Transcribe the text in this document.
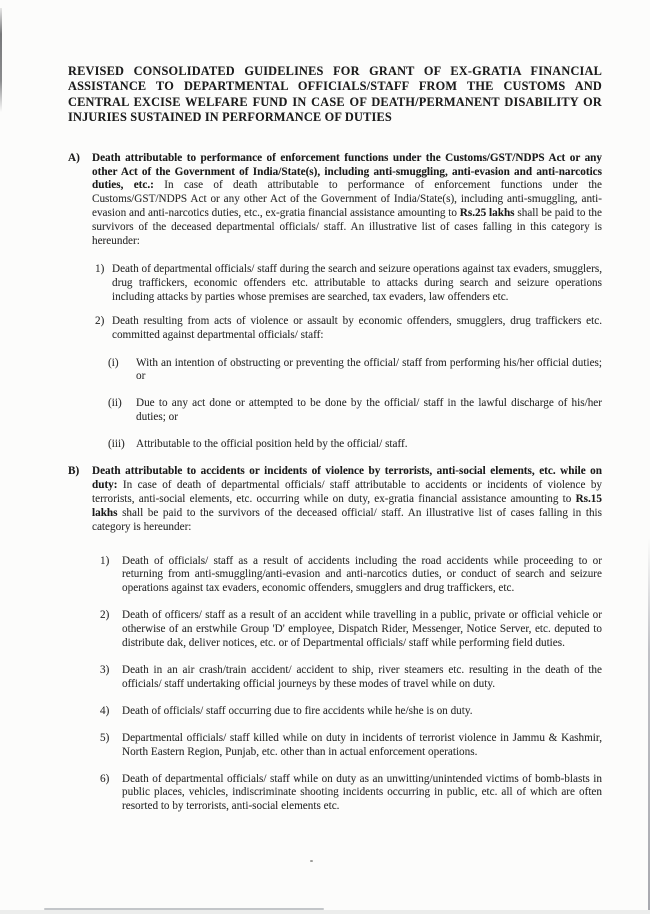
REVISED CONSOLIDATED GUIDELINES FOR GRANT OF EX-GRATIA FINANCIAL ASSISTANCE TO DEPARTMENTAL OFFICIALS/STAFF FROM THE CUSTOMS AND CENTRAL EXCISE WELFARE FUND IN CASE OF DEATH/PERMANENT DISABILITY OR INJURIES SUSTAINED IN PERFORMANCE OF DUTIES
A) Death attributable to performance of enforcement functions under the Customs/GST/NDPS Act or any other Act of the Government of India/State(s), including anti-smuggling, anti-evasion and anti-narcotics duties, etc.: In case of death attributable to performance of enforcement functions under the Customs/GST/NDPS Act or any other Act of the Government of India/State(s), including anti-smuggling, anti-evasion and anti-narcotics duties, etc., ex-gratia financial assistance amounting to Rs.25 lakhs shall be paid to the survivors of the deceased departmental officials/ staff. An illustrative list of cases falling in this category is hereunder:

1) Death of departmental officials/ staff during the search and seizure operations against tax evaders, smugglers, drug traffickers, economic offenders etc. attributable to attacks during search and seizure operations including attacks by parties whose premises are searched, tax evaders, law offenders etc.
2) Death resulting from acts of violence or assault by economic offenders, smugglers, drug traffickers etc. committed against departmental officials/ staff:
(i) With an intention of obstructing or preventing the official/ staff from performing his/her official duties; or
(ii) Due to any act done or attempted to be done by the official/ staff in the lawful discharge of his/her duties; or
(iii) Attributable to the official position held by the official/ staff.
B) Death attributable to accidents or incidents of violence by terrorists, anti-social elements, etc. while on duty: In case of death of departmental officials/ staff attributable to accidents or incidents of violence by terrorists, anti-social elements, etc. occurring while on duty, ex-gratia financial assistance amounting to Rs.15 lakhs shall be paid to the survivors of the deceased official/ staff. An illustrative list of cases falling in this category is hereunder:

1) Death of officials/ staff as a result of accidents including the road accidents while proceeding to or returning from anti-smuggling/anti-evasion and anti-narcotics duties, or conduct of search and seizure operations against tax evaders, economic offenders, smugglers and drug traffickers, etc.
2) Death of officers/ staff as a result of an accident while travelling in a public, private or official vehicle or otherwise of an erstwhile Group 'D' employee, Dispatch Rider, Messenger, Notice Server, etc. deputed to distribute dak, deliver notices, etc. or of Departmental officials/ staff while performing field duties.
3) Death in an air crash/train accident/ accident to ship, river steamers etc. resulting in the death of the officials/ staff undertaking official journeys by these modes of travel while on duty.
4) Death of officials/ staff occurring due to fire accidents while he/she is on duty.
5) Departmental officials/ staff killed while on duty in incidents of terrorist violence in Jammu & Kashmir, North Eastern Region, Punjab, etc. other than in actual enforcement operations.
6) Death of departmental officials/ staff while on duty as an unwitting/unintended victims of bomb-blasts in public places, vehicles, indiscriminate shooting incidents occurring in public, etc. all of which are often resorted to by terrorists, anti-social elements etc.
